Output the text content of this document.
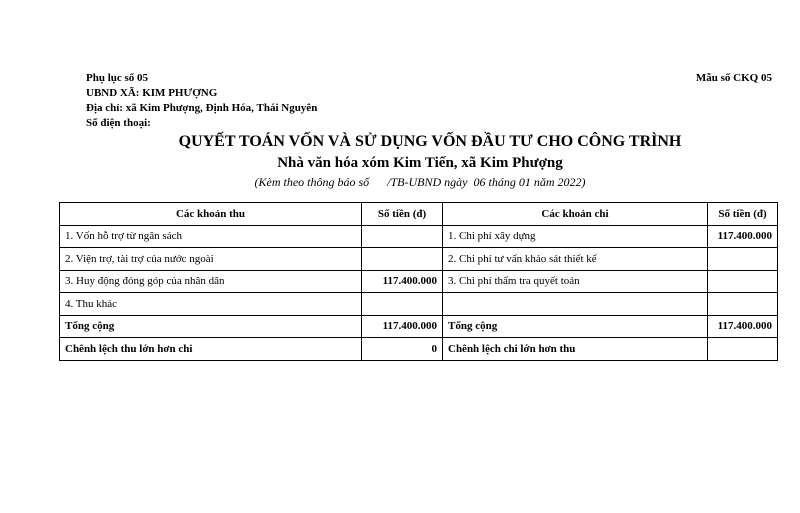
Phụ lục số 05
UBND XÃ: KIM PHƯỢNG
Địa chỉ: xã Kim Phượng, Định Hóa, Thái Nguyên
Số điện thoại:
Mẫu số CKQ 05
QUYẾT TOÁN VỐN VÀ SỬ DỤNG VỐN ĐẦU TƯ CHO CÔNG TRÌNH
Nhà văn hóa xóm Kim Tiến, xã Kim Phượng
(Kèm theo thông báo số      /TB-UBND ngày  06 tháng 01 năm 2022)
Các khoản thu	Số tiền (đ)	Các khoản chi	Số tiền (đ)
1. Vốn hỗ trợ từ ngân sách		1. Chi phí xây dựng	117.400.000
2. Viện trợ, tài trợ của nước ngoài		2. Chi phí tư vấn khảo sát thiết kế	
3. Huy động đóng góp của nhân dân	117.400.000	3. Chi phí thẩm tra quyết toán	
4. Thu khác			
Tổng cộng	117.400.000	Tổng cộng	117.400.000
Chênh lệch thu lớn hơn chi	0	Chênh lệch chi lớn hơn thu	
